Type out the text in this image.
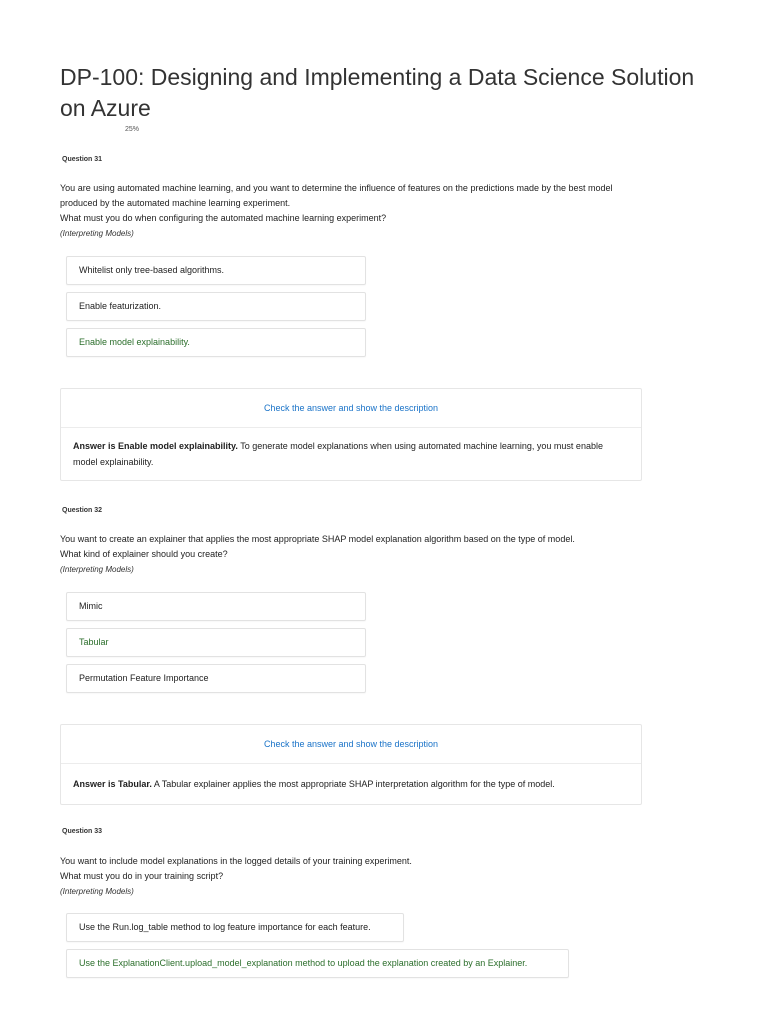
DP-100: Designing and Implementing a Data Science Solution on Azure
25%
Question 31
You are using automated machine learning, and you want to determine the influence of features on the predictions made by the best model produced by the automated machine learning experiment.
What must you do when configuring the automated machine learning experiment?
(Interpreting Models)
Whitelist only tree-based algorithms.
Enable featurization.
Enable model explainability.
Check the answer and show the description
Answer is Enable model explainability. To generate model explanations when using automated machine learning, you must enable model explainability.
Question 32
You want to create an explainer that applies the most appropriate SHAP model explanation algorithm based on the type of model.
What kind of explainer should you create?
(Interpreting Models)
Mimic
Tabular
Permutation Feature Importance
Check the answer and show the description
Answer is Tabular. A Tabular explainer applies the most appropriate SHAP interpretation algorithm for the type of model.
Question 33
You want to include model explanations in the logged details of your training experiment.
What must you do in your training script?
(Interpreting Models)
Use the Run.log_table method to log feature importance for each feature.
Use the ExplanationClient.upload_model_explanation method to upload the explanation created by an Explainer.
